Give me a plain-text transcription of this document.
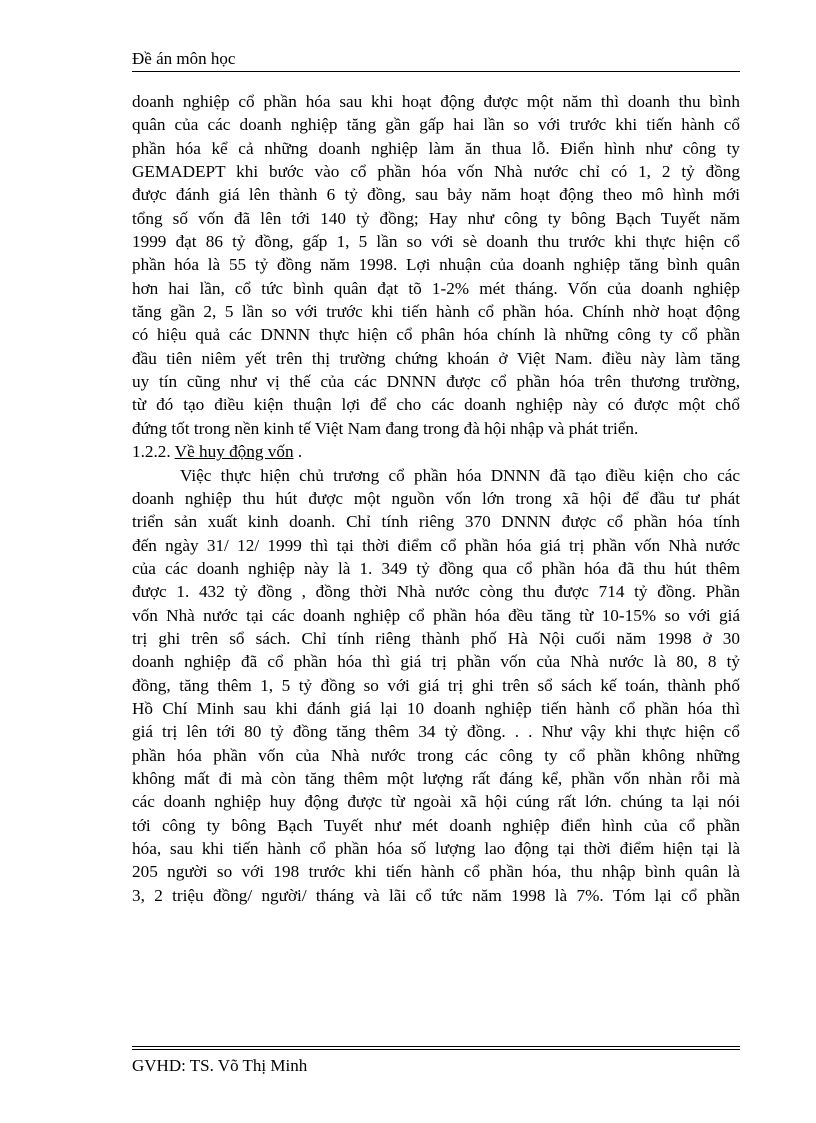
Đề án môn học
doanh nghiệp cổ phần hóa sau khi hoạt động được một năm thì doanh thu bình
quân của các doanh nghiệp tăng gần gấp hai lần so với trước khi tiến hành cổ
phần hóa kể cả những doanh nghiệp làm ăn thua lỗ. Điển hình như công ty
GEMADEPT khi bước vào cổ phần hóa vốn Nhà nước chỉ có 1, 2 tỷ đồng
được đánh giá lên thành 6 tỷ đồng, sau bảy năm hoạt động theo mô hình mới
tổng số vốn đã lên tới 140 tỷ đồng; Hay như công ty bông Bạch Tuyết năm
1999 đạt 86 tỷ đồng, gấp 1, 5 lần so với sè doanh thu trước khi thực hiện cổ
phần hóa là 55 tỷ đồng năm 1998. Lợi nhuận của doanh nghiệp tăng bình quân
hơn hai lần, cổ tức bình quân đạt tõ 1-2% mét tháng. Vốn của doanh nghiệp
tăng gần 2, 5 lần so với trước khi tiến hành cổ phần hóa. Chính nhờ hoạt động
có hiệu quả các DNNN thực hiện cổ phân hóa chính là những công ty cổ phần
đầu tiên niêm yết trên thị trường chứng khoán ở Việt Nam. điều này làm tăng
uy tín cũng như vị thế của các DNNN được cổ phần hóa trên thương trường,
từ đó tạo điều kiện thuận lợi để cho các doanh nghiệp này có được một chổ
đứng tốt trong nền kinh tế Việt Nam đang trong đà hội nhập và phát triển.
1.2.2. Về huy động vốn .
Việc thực hiện chủ trương cổ phần hóa DNNN đã tạo điều kiện cho các
doanh nghiệp thu hút được một nguồn vốn lớn trong xã hội để đầu tư phát
triển sản xuất kinh doanh. Chỉ tính riêng 370 DNNN được cổ phần hóa tính
đến ngày 31/ 12/ 1999 thì tại thời điểm cổ phần hóa giá trị phần vốn Nhà nước
của các doanh nghiệp này là 1. 349 tỷ đồng qua cổ phần hóa đã thu hút thêm
được 1. 432 tỷ đồng , đồng thời Nhà nước còng thu được 714 tỷ đồng. Phần
vốn Nhà nước tại các doanh nghiệp cổ phần hóa đều tăng từ 10-15% so với giá
trị ghi trên sổ sách. Chỉ tính riêng thành phố Hà Nội cuối năm 1998 ở 30
doanh nghiệp đã cổ phần hóa thì giá trị phần vốn của Nhà nước là 80, 8 tỷ
đồng, tăng thêm 1, 5 tỷ đồng so với giá trị ghi trên sổ sách kế toán, thành phố
Hồ Chí Minh sau khi đánh giá lại 10 doanh nghiệp tiến hành cổ phần hóa thì
giá trị lên tới 80 tỷ đồng tăng thêm 34 tỷ đồng. . . Như vậy khi thực hiện cổ
phần hóa phần vốn của Nhà nước trong các công ty cổ phần không những
không mất đi mà còn tăng thêm một lượng rất đáng kể, phần vốn nhàn rỗi mà
các doanh nghiệp huy động được từ ngoài xã hội cúng rất lớn. chúng ta lại nói
tới công ty bông Bạch Tuyết như mét doanh nghiệp điển hình của cổ phần
hóa, sau khi tiến hành cổ phần hóa số lượng lao động tại thời điểm hiện tại là
205 người so với 198 trước khi tiến hành cổ phần hóa, thu nhập bình quân là
3, 2 triệu đồng/ người/ tháng và lãi cổ tức năm 1998 là 7%. Tóm lại cổ phần
GVHD: TS. Võ Thị Minh
